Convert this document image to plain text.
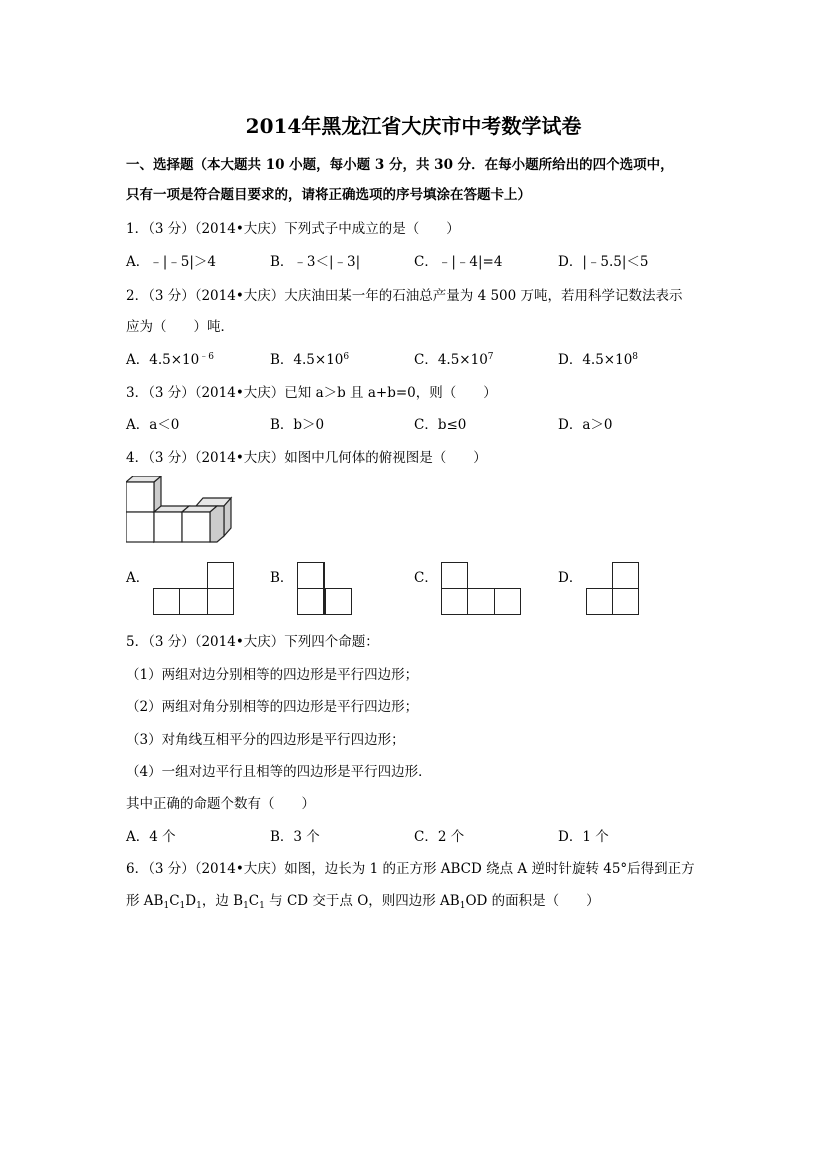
2014年黑龙江省大庆市中考数学试卷
一、选择题（本大题共 10 小题，每小题 3 分，共 30 分．在每小题所给出的四个选项中，
只有一项是符合题目要求的，请将正确选项的序号填涂在答题卡上）
1．（3 分）（2014•大庆）下列式子中成立的是（　　）
A．﹣|﹣5|＞4	B．﹣3＜|﹣3|	C．﹣|﹣4|=4	D．|﹣5.5|＜5
2．（3 分）（2014•大庆）大庆油田某一年的石油总产量为 4 500 万吨，若用科学记数法表示
应为（　　）吨．
A．$4.5\times 10^{﹣6}$	B．$4.5\times 10^6$	C．$4.5\times 10^7$	D．$4.5\times 10^8$
3．（3 分）（2014•大庆）已知 a＞b 且 a+b=0，则（　　）
A．a＜0	B．b＞0	C．b≤0	D．a＞0
4．（3 分）（2014•大庆）如图中几何体的俯视图是（　　）
A．	B．	C．	D．
5．（3 分）（2014•大庆）下列四个命题：
（1）两组对边分别相等的四边形是平行四边形；
（2）两组对角分别相等的四边形是平行四边形；
（3）对角线互相平分的四边形是平行四边形；
（4）一组对边平行且相等的四边形是平行四边形．
其中正确的命题个数有（　　）
A．4 个	B．3 个	C．2 个	D．1 个
6．（3 分）（2014•大庆）如图，边长为 1 的正方形 ABCD 绕点 A 逆时针旋转 45°后得到正方
形 $AB_1C_1D_1$，边 $B_1C_1$ 与 CD 交于点 O，则四边形 $AB_1OD$ 的面积是（　　）
